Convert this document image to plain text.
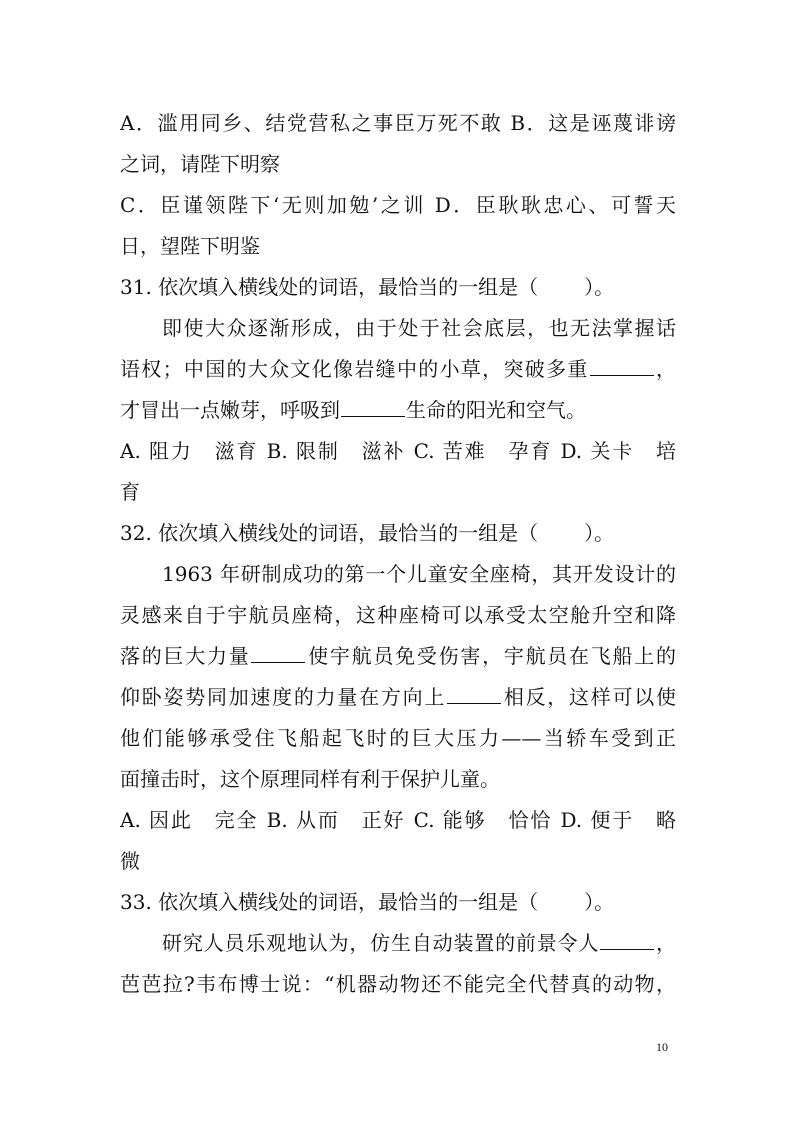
A．滥用同乡、结党营私之事臣万死不敢 B．这是诬蔑诽谤
之词，请陛下明察
C．臣谨领陛下‘无则加勉’之训 D．臣耿耿忠心、可誓天
日，望陛下明鉴
31. 依次填入横线处的词语，最恰当的一组是（ ）。
即使大众逐渐形成，由于处于社会底层，也无法掌握话
语权；中国的大众文化像岩缝中的小草，突破多重	，
才冒出一点嫩芽，呼吸到	生命的阳光和空气。
A. 阻力　滋育 B. 限制　滋补 C. 苦难　孕育 D. 关卡　培
育
32. 依次填入横线处的词语，最恰当的一组是（ ）。
1963 年研制成功的第一个儿童安全座椅，其开发设计的
灵感来自于宇航员座椅，这种座椅可以承受太空舱升空和降
落的巨大力量	使宇航员免受伤害，宇航员在飞船上的
仰卧姿势同加速度的力量在方向上	相反，这样可以使
他们能够承受住飞船起飞时的巨大压力——当轿车受到正
面撞击时，这个原理同样有利于保护儿童。
A. 因此　完全 B. 从而　正好 C. 能够　恰恰 D. 便于　略
微
33. 依次填入横线处的词语，最恰当的一组是（ ）。
研究人员乐观地认为，仿生自动装置的前景令人	，
芭芭拉?韦布博士说：“机器动物还不能完全代替真的动物，
10
